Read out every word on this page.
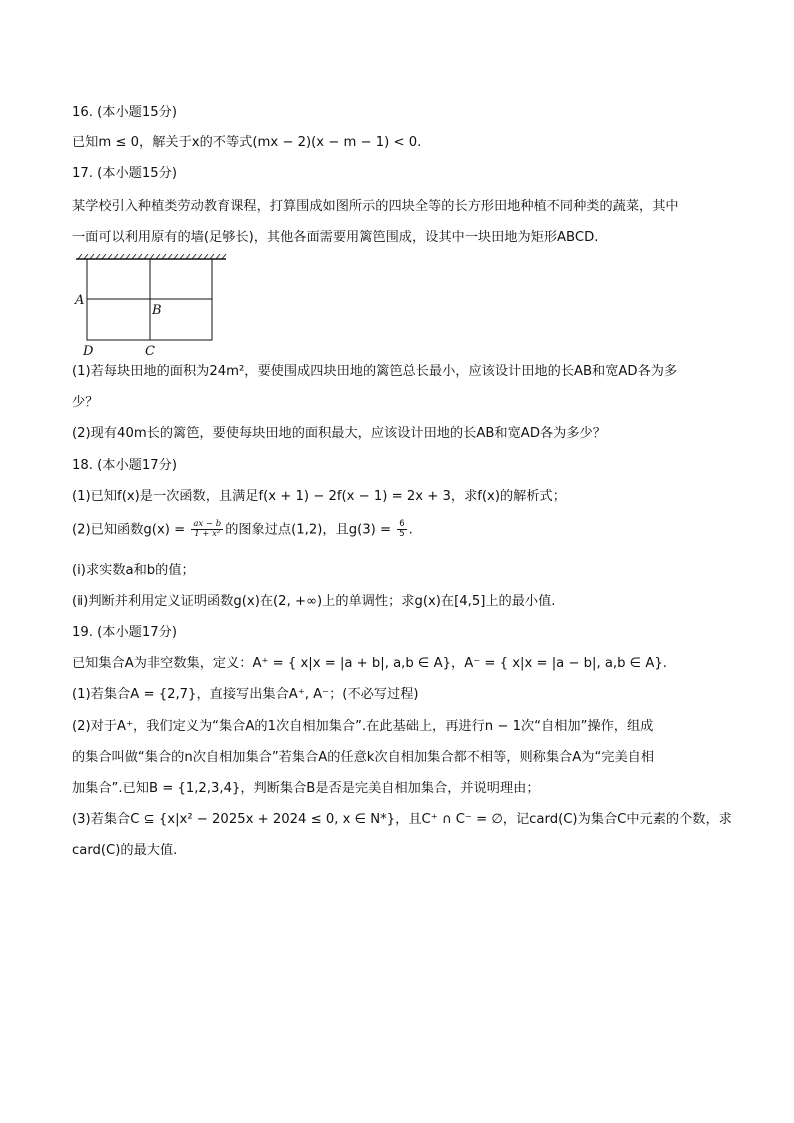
16. (本小题15分)
已知m ≤ 0，解关于x的不等式(mx − 2)(x − m − 1) < 0.
17. (本小题15分)
某学校引入种植类劳动教育课程，打算围成如图所示的四块全等的长方形田地种植不同种类的蔬菜，其中
一面可以利用原有的墙(足够长)，其他各面需要用篱笆围成，设其中一块田地为矩形ABCD.
A
B
D	C
(1)若每块田地的面积为24m²，要使围成四块田地的篱笆总长最小，应该设计田地的长AB和宽AD各为多
少？
(2)现有40m长的篱笆，要使每块田地的面积最大，应该设计田地的长AB和宽AD各为多少？
18. (本小题17分)
(1)已知f(x)是一次函数，且满足f(x + 1) − 2f(x − 1) = 2x + 3，求f(x)的解析式；
(2)已知函数$g(x) = \frac{ax - b}{\text{1 + x²}}$ 的图象过点(1,2)，且$g(3) = \frac{6}{5}$ .
(i)求实数a和b的值；
(ⅱ)判断并利用定义证明函数g(x)在(2, +∞)上的单调性；求g(x)在[4,5]上的最小值.
19. (本小题17分)
已知集合A为非空数集，定义：A⁺ = { x|x = |a + b|, a,b ∈ A}，A⁻ = { x|x = |a − b|, a,b ∈ A}.
(1)若集合A = {2,7}，直接写出集合A⁺, A⁻；(不必写过程)
(2)对于A⁺，我们定义为“集合A的1次自相加集合”.在此基础上，再进行n − 1次“自相加”操作，组成
的集合叫做“集合的n次自相加集合”若集合A的任意k次自相加集合都不相等，则称集合A为“完美自相
加集合”.已知B = {1,2,3,4}，判断集合B是否是完美自相加集合，并说明理由；
(3)若集合C ⊆ {x|x² − 2025x + 2024 ≤ 0, x ∈ N*}，且C⁺ ∩ C⁻ = ∅，记card(C)为集合C中元素的个数，求
card(C)的最大值.
